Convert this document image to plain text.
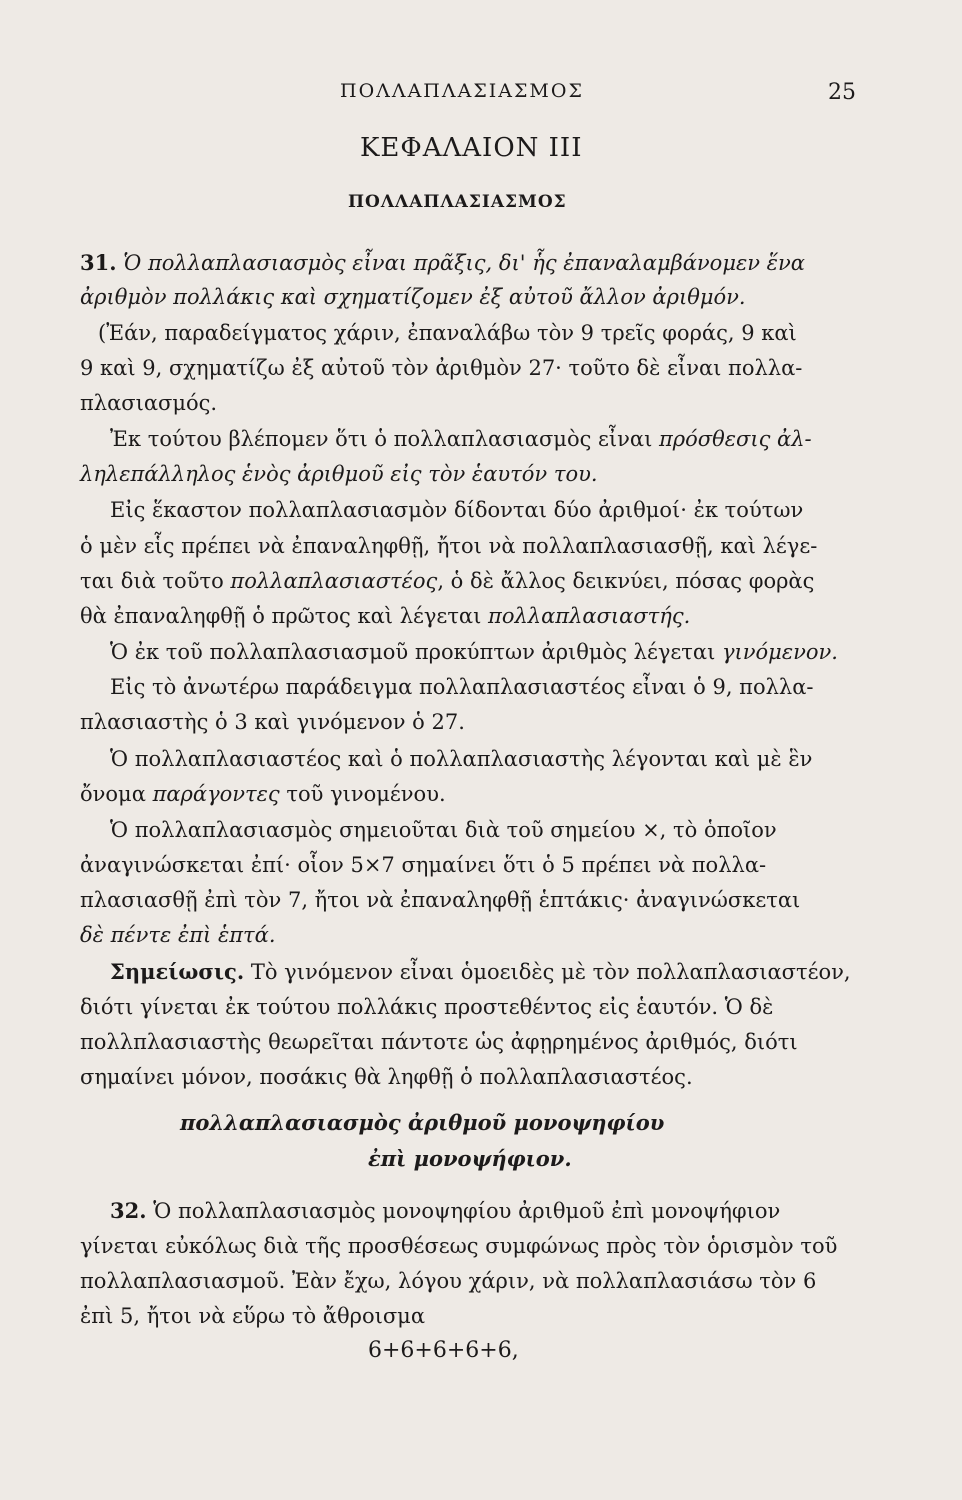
ΠΟΛΛΑΠΛΑΣΙΑΣΜΟΣ	25
ΚΕΦΑΛΑΙΟΝ III
ΠΟΛΛΑΠΛΑΣΙΑΣΜΟΣ
31. Ὁ πολλαπλασιασμὸς εἶναι πρᾶξις, δι' ἧς ἐπαναλαμβάνομεν ἕνα
ἀριθμὸν πολλάκις καὶ σχηματίζομεν ἐξ αὐτοῦ ἄλλον ἀριθμόν.
(Ἐάν, παραδείγματος χάριν, ἐπαναλάβω τὸν 9 τρεῖς φοράς, 9 καὶ
9 καὶ 9, σχηματίζω ἐξ αὐτοῦ τὸν ἀριθμὸν 27· τοῦτο δὲ εἶναι πολλα-
πλασιασμός.
Ἐκ τούτου βλέπομεν ὅτι ὁ πολλαπλασιασμὸς εἶναι πρόσθεσις ἀλ-
ληλεπάλληλος ἑνὸς ἀριθμοῦ εἰς τὸν ἑαυτόν του.
Εἰς ἕκαστον πολλαπλασιασμὸν δίδονται δύο ἀριθμοί· ἐκ τούτων
ὁ μὲν εἷς πρέπει νὰ ἐπαναληφθῇ, ἤτοι νὰ πολλαπλασιασθῇ, καὶ λέγε-
ται διὰ τοῦτο πολλαπλασιαστέος, ὁ δὲ ἄλλος δεικνύει, πόσας φορὰς
θὰ ἐπαναληφθῇ ὁ πρῶτος καὶ λέγεται πολλαπλασιαστής.
Ὁ ἐκ τοῦ πολλαπλασιασμοῦ προκύπτων ἀριθμὸς λέγεται γινόμενον.
Εἰς τὸ ἀνωτέρω παράδειγμα πολλαπλασιαστέος εἶναι ὁ 9, πολλα-
πλασιαστὴς ὁ 3 καὶ γινόμενον ὁ 27.
Ὁ πολλαπλασιαστέος καὶ ὁ πολλαπλασιαστὴς λέγονται καὶ μὲ ἓν
ὄνομα παράγοντες τοῦ γινομένου.
Ὁ πολλαπλασιασμὸς σημειοῦται διὰ τοῦ σημείου ×, τὸ ὁποῖον
ἀναγινώσκεται ἐπί· οἷον 5×7 σημαίνει ὅτι ὁ 5 πρέπει νὰ πολλα-
πλασιασθῇ ἐπὶ τὸν 7, ἤτοι νὰ ἐπαναληφθῇ ἑπτάκις· ἀναγινώσκεται
δὲ πέντε ἐπὶ ἑπτά.
Σημείωσις. Τὸ γινόμενον εἶναι ὁμοειδὲς μὲ τὸν πολλαπλασιαστέον,
διότι γίνεται ἐκ τούτου πολλάκις προστεθέντος εἰς ἑαυτόν. Ὁ δὲ
πολλπλασιαστὴς θεωρεῖται πάντοτε ὡς ἀφῃρημένος ἀριθμός, διότι
σημαίνει μόνον, ποσάκις θὰ ληφθῇ ὁ πολλαπλασιαστέος.
πολλαπλασιασμὸς ἀριθμοῦ μονοψηφίου
ἐπὶ μονοψήφιον.
32. Ὁ πολλαπλασιασμὸς μονοψηφίου ἀριθμοῦ ἐπὶ μονοψήφιον
γίνεται εὐκόλως διὰ τῆς προσθέσεως συμφώνως πρὸς τὸν ὁρισμὸν τοῦ
πολλαπλασιασμοῦ. Ἐὰν ἔχω, λόγου χάριν, νὰ πολλαπλασιάσω τὸν 6
ἐπὶ 5, ἤτοι νὰ εὕρω τὸ ἄθροισμα
6+6+6+6+6,
